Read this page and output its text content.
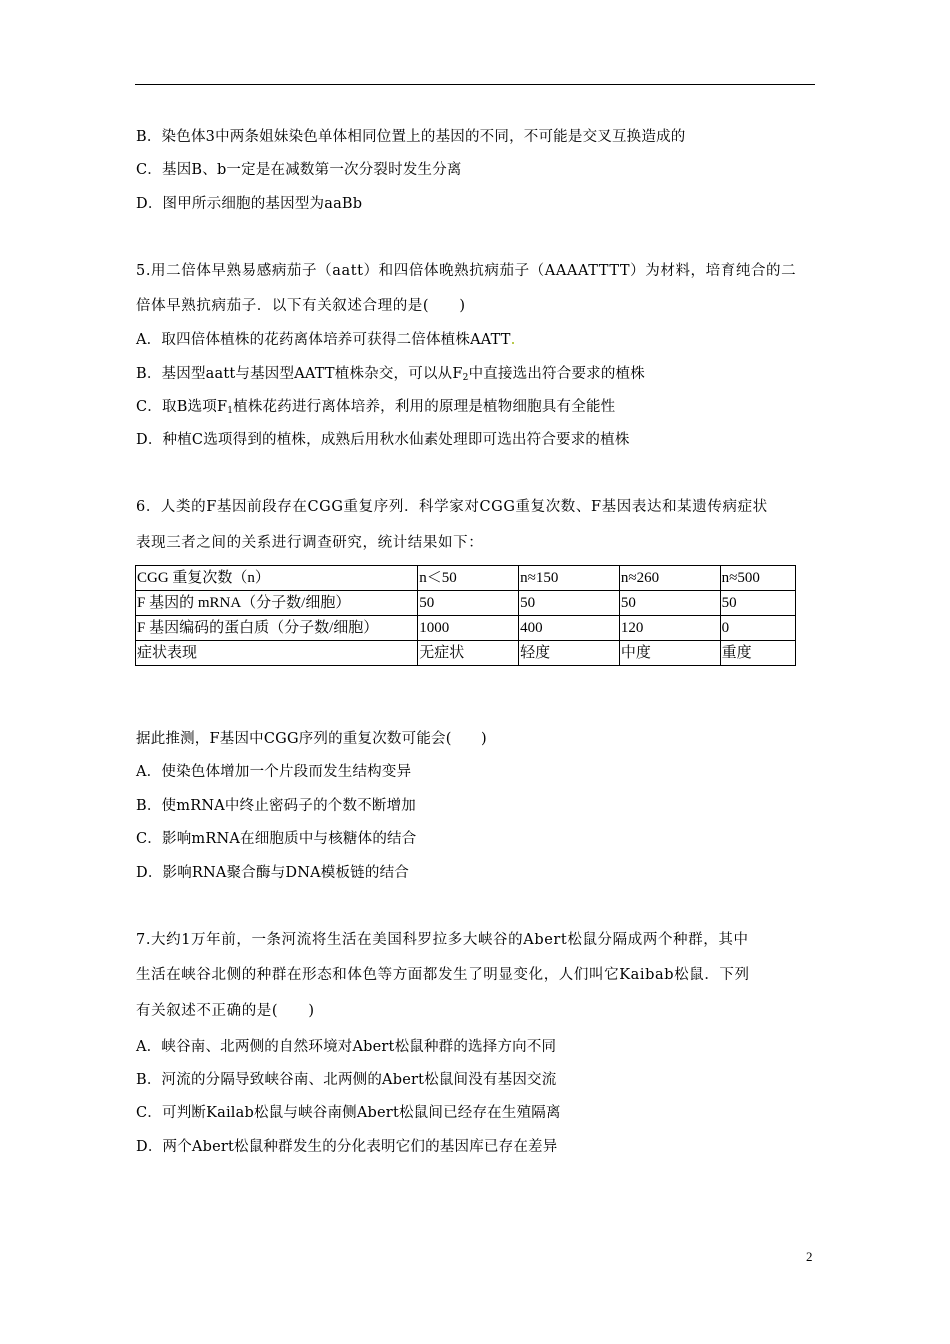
B．染色体3中两条姐妹染色单体相同位置上的基因的不同，不可能是交叉互换造成的
C．基因B、b一定是在减数第一次分裂时发生分离
D．图甲所示细胞的基因型为aaBb
5.用二倍体早熟易感病茄子（aatt）和四倍体晚熟抗病茄子（AAAATTTT）为材料，培育纯合的二
倍体早熟抗病茄子．以下有关叙述合理的是(　　)
A．取四倍体植株的花药离体培养可获得二倍体植株AATT
B．基因型aatt与基因型AATT植株杂交，可以从$F_2$中直接选出符合要求的植株
C．取B选项$F_1$植株花药进行离体培养，利用的原理是植物细胞具有全能性
D．种植C选项得到的植株，成熟后用秋水仙素处理即可选出符合要求的植株
6．人类的F基因前段存在CGG重复序列．科学家对CGG重复次数、F基因表达和某遗传病症状
表现三者之间的关系进行调查研究，统计结果如下：
CGG 重复次数（n）	n＜50	n≈150	n≈260	n≈500
F 基因的 mRNA（分子数/细胞）	50	50	50	50
F 基因编码的蛋白质（分子数/细胞）	1000	400	120	0
症状表现	无症状	轻度	中度	重度
据此推测，F基因中CGG序列的重复次数可能会(　　)
A．使染色体增加一个片段而发生结构变异
B．使mRNA中终止密码子的个数不断增加
C．影响mRNA在细胞质中与核糖体的结合
D．影响RNA聚合酶与DNA模板链的结合
7.大约1万年前，一条河流将生活在美国科罗拉多大峡谷的Abert松鼠分隔成两个种群，其中
生活在峡谷北侧的种群在形态和体色等方面都发生了明显变化，人们叫它Kaibab松鼠．下列
有关叙述不正确的是(　　)
A．峡谷南、北两侧的自然环境对Abert松鼠种群的选择方向不同
B．河流的分隔导致峡谷南、北两侧的Abert松鼠间没有基因交流
C．可判断Kailab松鼠与峡谷南侧Abert松鼠间已经存在生殖隔离
D．两个Abert松鼠种群发生的分化表明它们的基因库已存在差异
2
